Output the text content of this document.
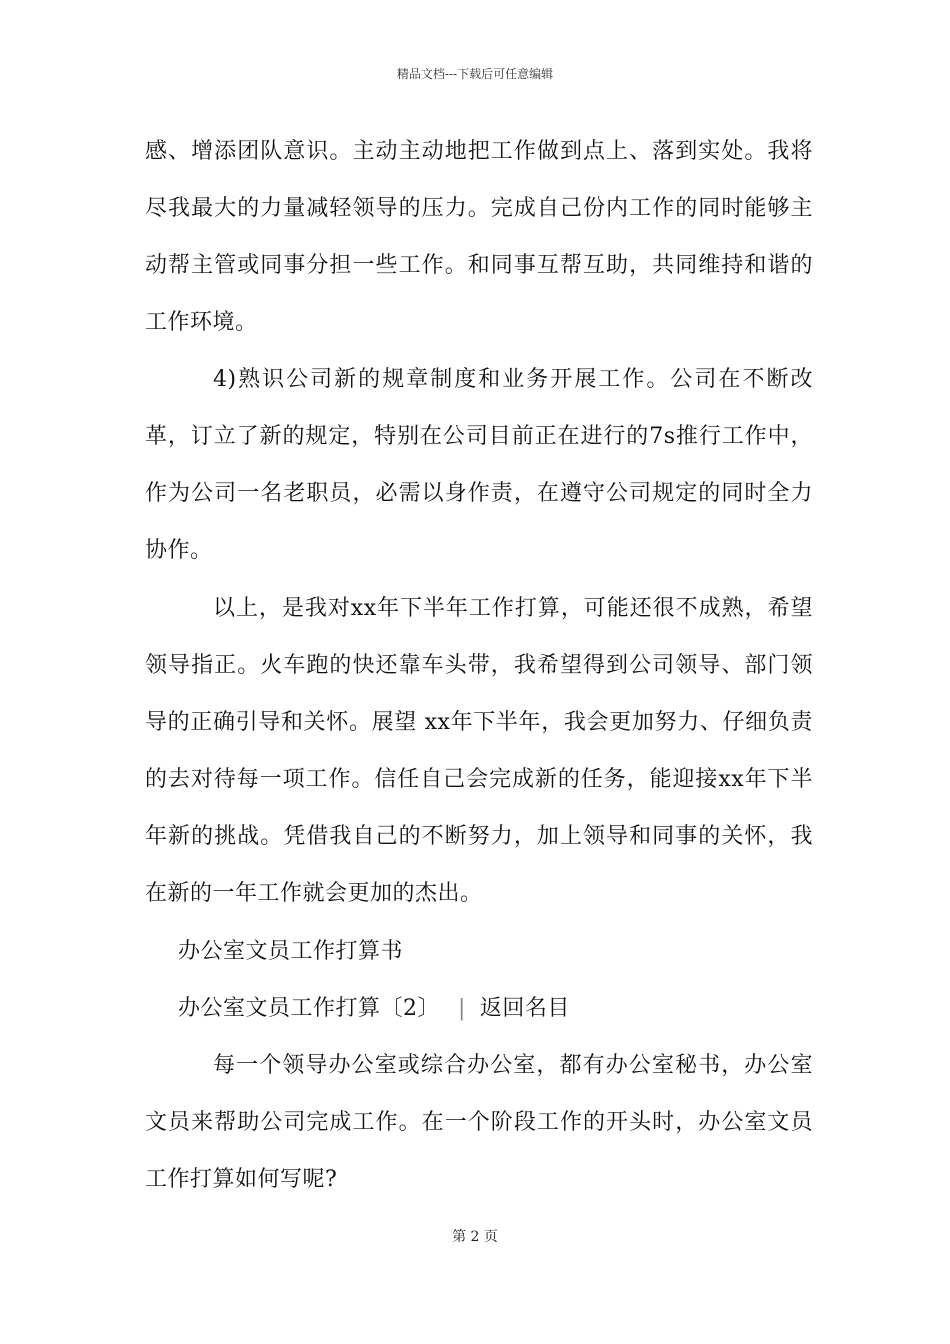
精品文档---下载后可任意编辑

感、增添团队意识。主动主动地把工作做到点上、落到实处。我将尽我最大的力量减轻领导的压力。完成自己份内工作的同时能够主动帮主管或同事分担一些工作。和同事互帮互助，共同维持和谐的工作环境。

4)熟识公司新的规章制度和业务开展工作。公司在不断改革，订立了新的规定，特别在公司目前正在进行的7s推行工作中，作为公司一名老职员，必需以身作责，在遵守公司规定的同时全力协作。

以上，是我对xx年下半年工作打算，可能还很不成熟，希望领导指正。火车跑的快还靠车头带，我希望得到公司领导、部门领导的正确引导和关怀。展望 xx年下半年，我会更加努力、仔细负责的去对待每一项工作。信任自己会完成新的任务，能迎接xx年下半年新的挑战。凭借我自己的不断努力，加上领导和同事的关怀，我在新的一年工作就会更加的杰出。

办公室文员工作打算书
办公室文员工作打算〔2〕 | 返回名目

每一个领导办公室或综合办公室，都有办公室秘书，办公室文员来帮助公司完成工作。在一个阶段工作的开头时，办公室文员工作打算如何写呢?

第 2 页
